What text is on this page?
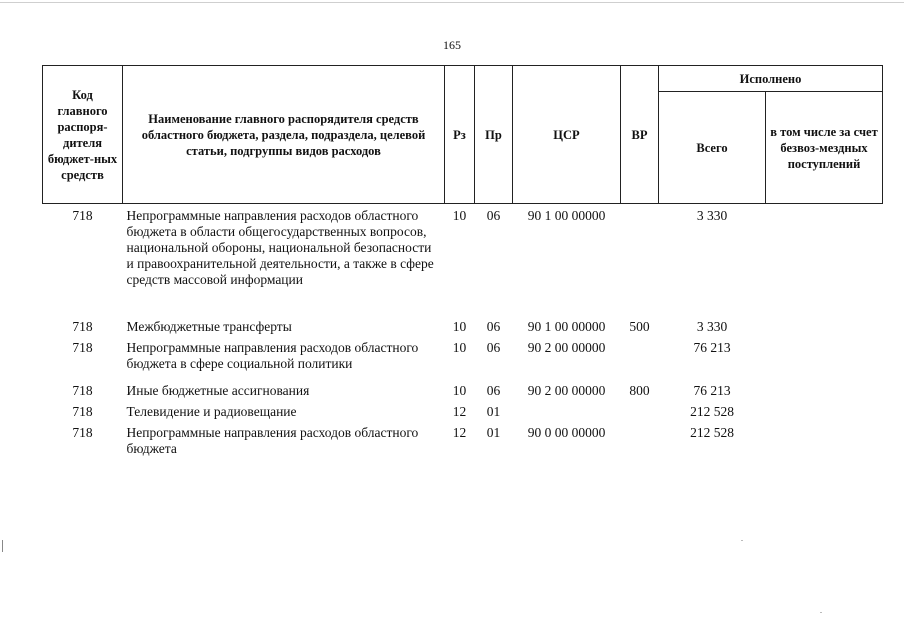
165
Код главного распоря-дителя бюджет-ных средств	Наименование главного распорядителя средств областного бюджета, раздела, подраздела, целевой статьи, подгруппы видов расходов	Рз	Пр	ЦСР	ВР	Исполнено	
						Всего	в том числе за счет безвоз-мездных поступлений
718	Непрограммные направления расходов областного бюджета в области общегосударственных вопросов, национальной обороны, национальной безопасности и правоохранительной деятельности, а также в сфере средств массовой информации	10	06	90 1 00 00000		3 330	
718	Межбюджетные трансферты	10	06	90 1 00 00000	500	3 330	
718	Непрограммные направления расходов областного бюджета в сфере социальной политики	10	06	90 2 00 00000		76 213	
718	Иные бюджетные ассигнования	10	06	90 2 00 00000	800	76 213	
718	Телевидение и радиовещание	12	01			212 528	
718	Непрограммные направления расходов областного бюджета	12	01	90 0 00 00000		212 528	
